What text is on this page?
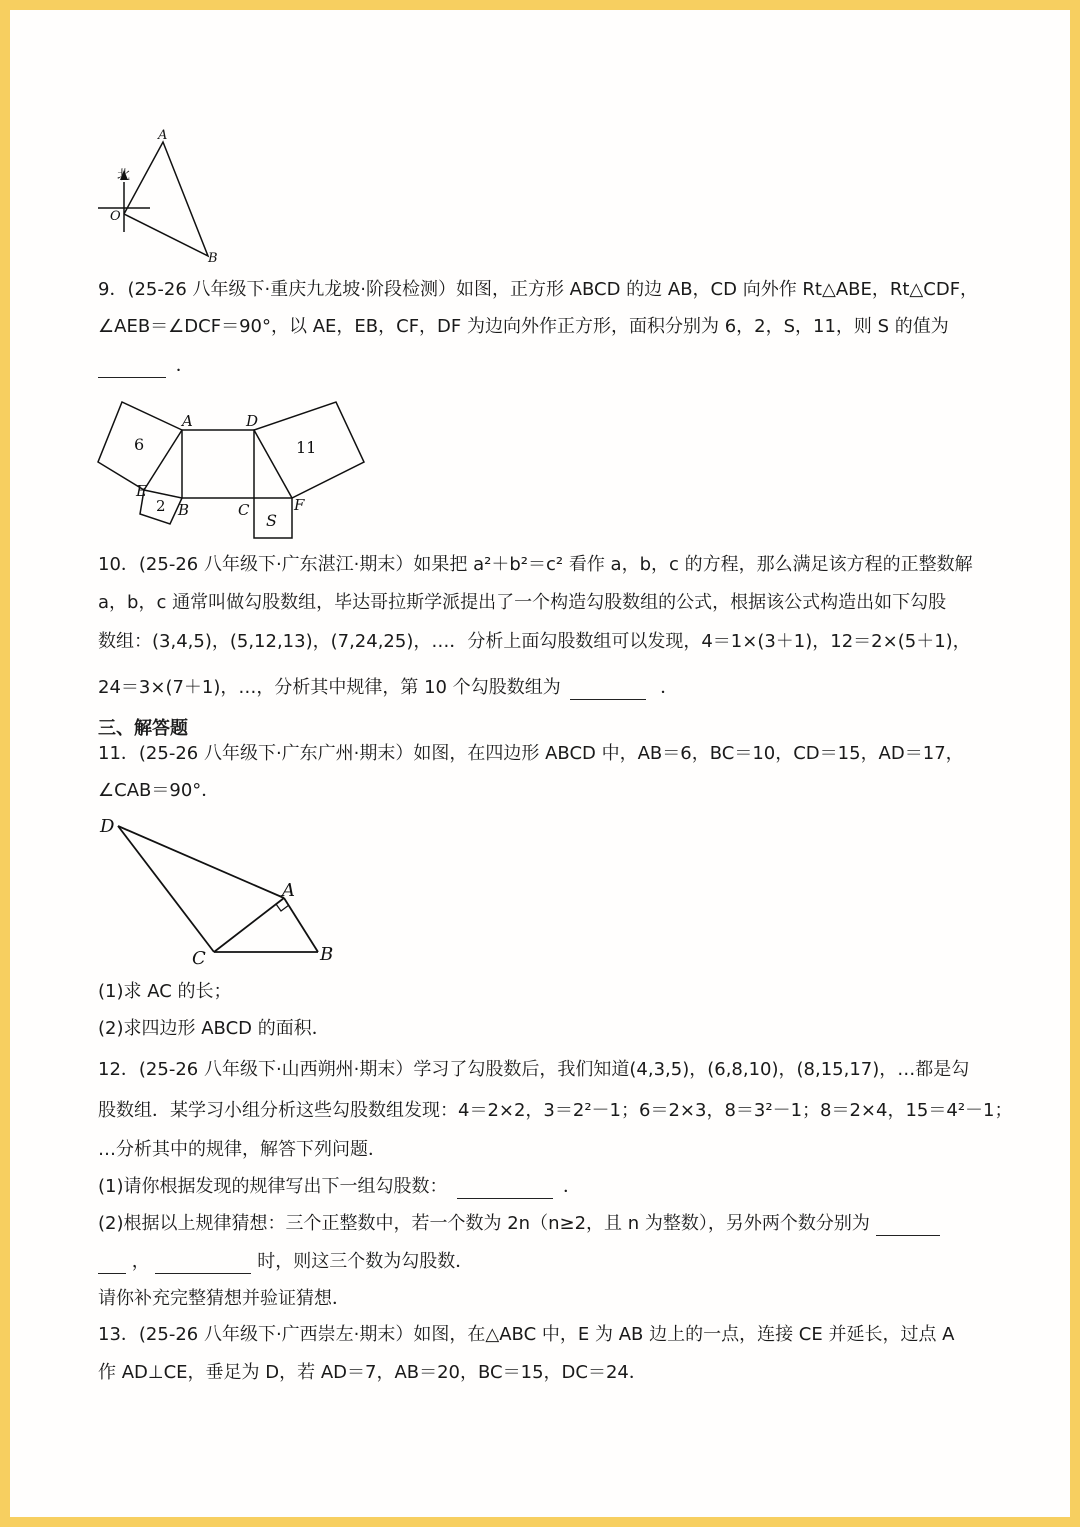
北
O
A
B
9．(25-26 八年级下·重庆九龙坡·阶段检测）如图，正方形 ABCD 的边 AB，CD 向外作 Rt△ABE，Rt△CDF，
∠AEB＝∠DCF＝90°，以 AE，EB，CF，DF 为边向外作正方形，面积分别为 6，2，S，11，则 S 的值为
．
A	D
E
B	C	F
6	11
2
S
10．(25-26 八年级下·广东湛江·期末）如果把 a²＋b²＝c² 看作 a，b，c 的方程，那么满足该方程的正整数解
a，b，c 通常叫做勾股数组，毕达哥拉斯学派提出了一个构造勾股数组的公式，根据该公式构造出如下勾股
数组：(3,4,5)，(5,12,13)，(7,24,25)，…．分析上面勾股数组可以发现，4＝1×(3＋1)，12＝2×(5＋1)，
24＝3×(7＋1)，…，分析其中规律，第 10 个勾股数组为	．
三、解答题
11．(25-26 八年级下·广东广州·期末）如图，在四边形 ABCD 中，AB＝6，BC＝10，CD＝15，AD＝17，
∠CAB＝90°．
D
A
C	B
(1)求 AC 的长；
(2)求四边形 ABCD 的面积．
12．(25-26 八年级下·山西朔州·期末）学习了勾股数后，我们知道(4,3,5)，(6,8,10)，(8,15,17)，…都是勾
股数组．某学习小组分析这些勾股数组发现：4＝2×2，3＝2²－1；6＝2×3，8＝3²－1；8＝2×4，15＝4²－1；
…分析其中的规律，解答下列问题．
(1)请你根据发现的规律写出下一组勾股数：	．
(2)根据以上规律猜想：三个正整数中，若一个数为 2n（n≥2，且 n 为整数），另外两个数分别为
，	时，则这三个数为勾股数．
请你补充完整猜想并验证猜想．
13．(25-26 八年级下·广西崇左·期末）如图，在△ABC 中，E 为 AB 边上的一点，连接 CE 并延长，过点 A
作 AD⊥CE，垂足为 D，若 AD＝7，AB＝20，BC＝15，DC＝24．
